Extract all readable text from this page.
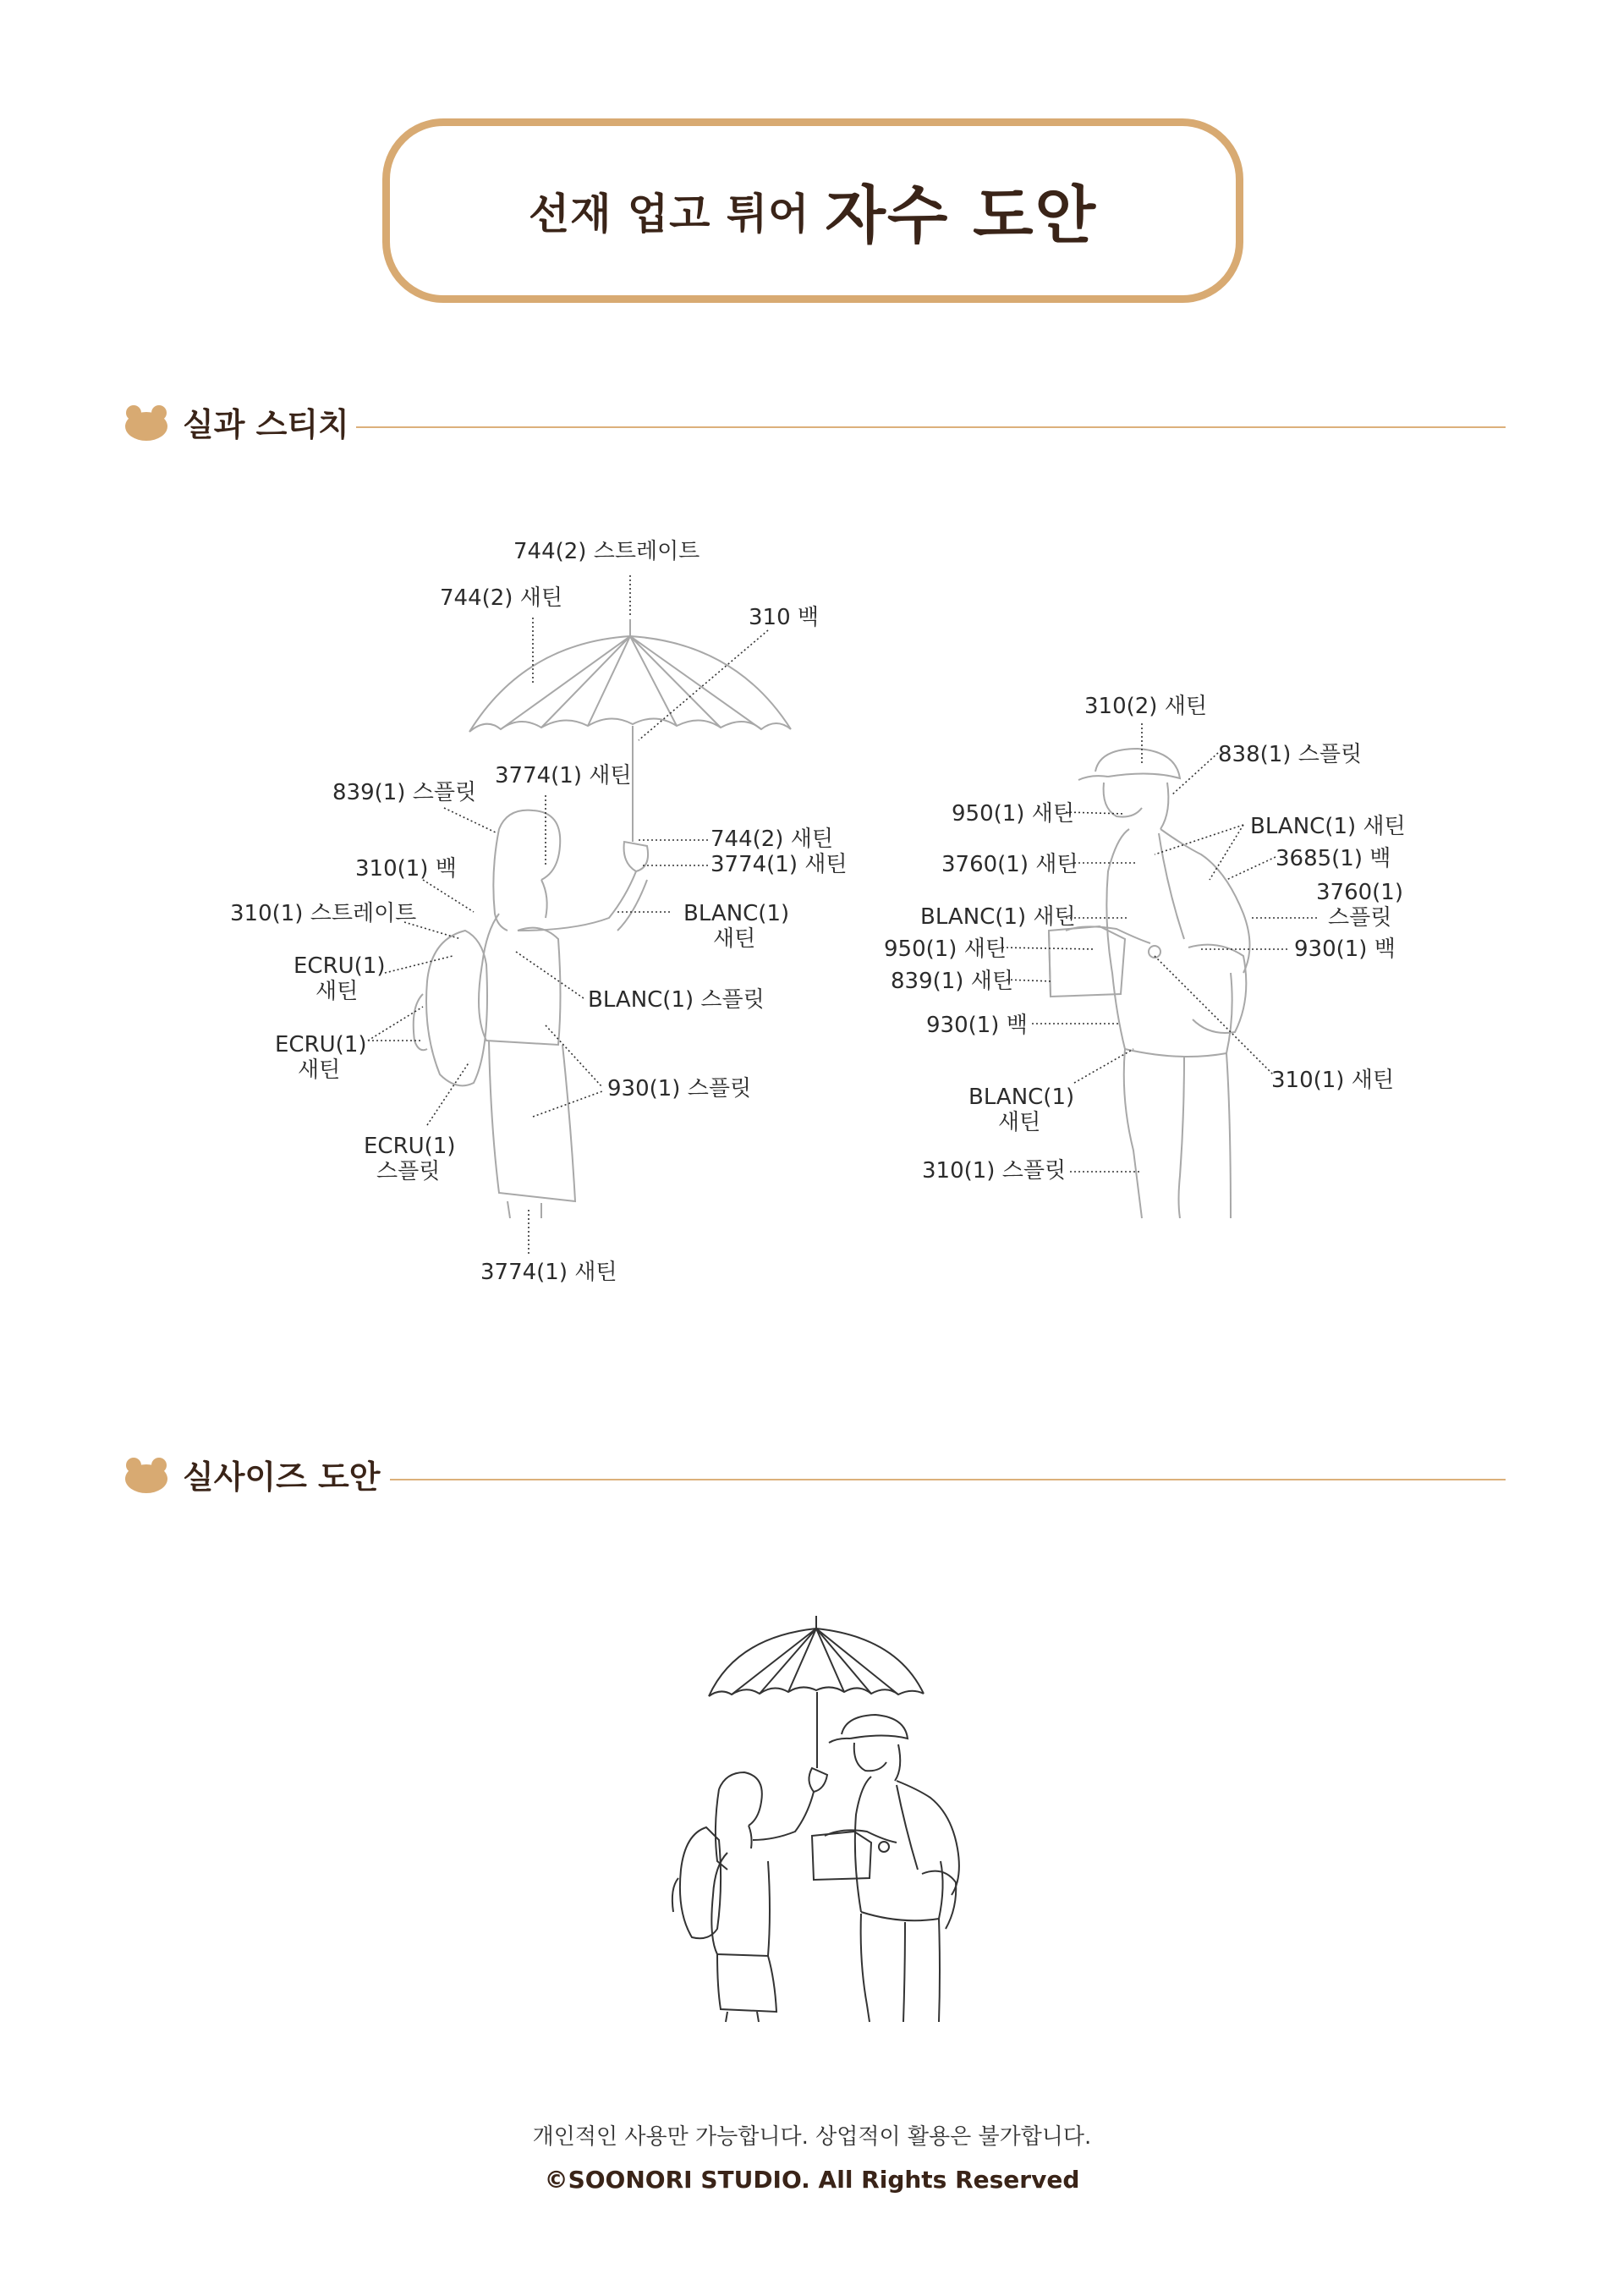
선재 업고 튀어 자수 도안
실과 스티치
실사이즈 도안
744(2) 스트레이트
744(2) 새틴
310 백
839(1) 스플릿
3774(1) 새틴
744(2) 새틴
3774(1) 새틴
310(1) 백
310(1) 스트레이트	BLANC(1)
새틴
ECRU(1)
새틴	BLANC(1) 스플릿
ECRU(1)
새틴
930(1) 스플릿
ECRU(1)
스플릿
3774(1) 새틴
310(2) 새틴
838(1) 스플릿
950(1) 새틴	BLANC(1) 새틴
3760(1) 새틴	3685(1) 백
3760(1)
스플릿
BLANC(1) 새틴
950(1) 새틴	930(1) 백
839(1) 새틴
930(1) 백
BLANC(1)
새틴
310(1) 새틴
310(1) 스플릿
개인적인 사용만 가능합니다. 상업적이 활용은 불가합니다.
©SOONORI STUDIO. All Rights Reserved
